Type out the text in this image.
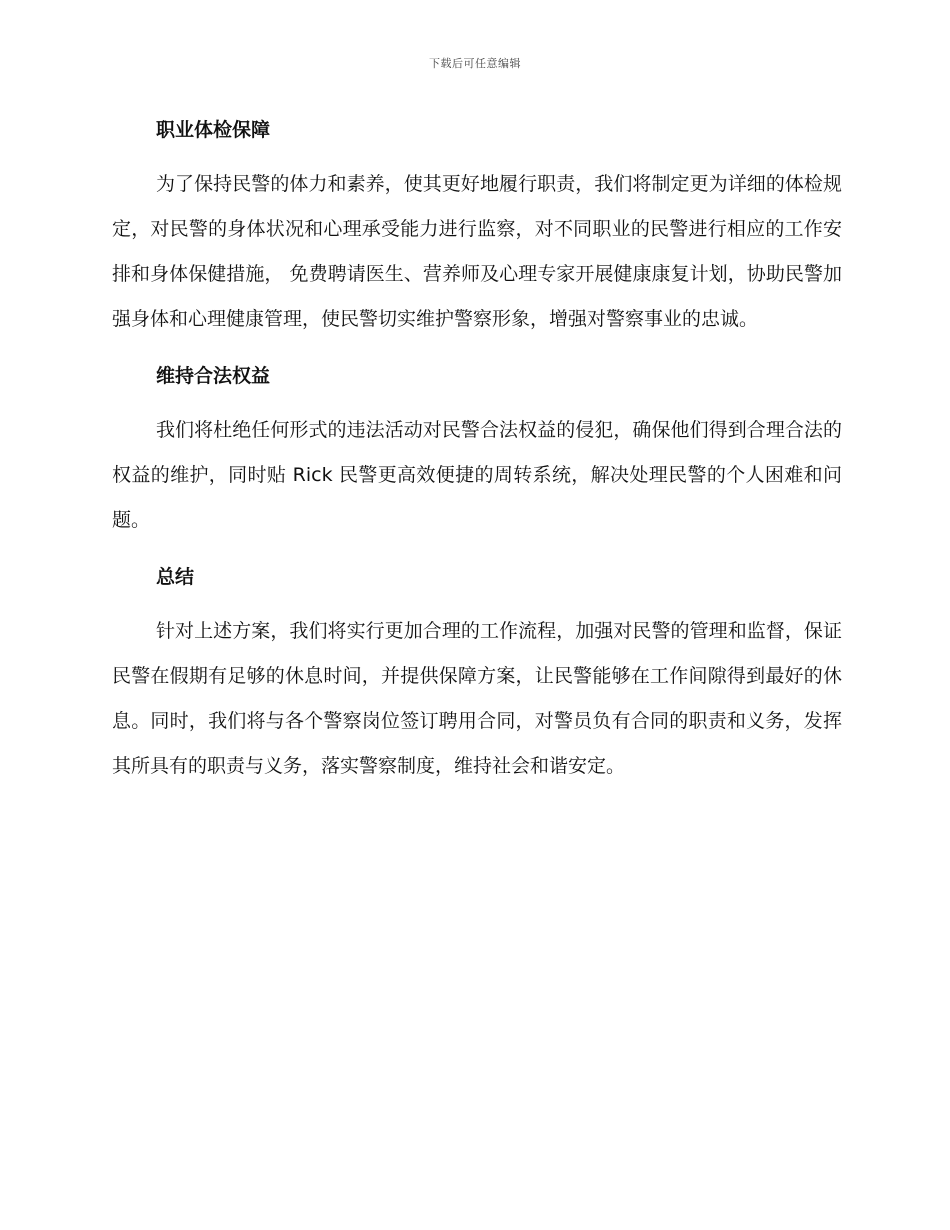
下载后可任意编辑
职业体检保障

为了保持民警的体力和素养，使其更好地履行职责，我们将制定更为详细的体检规定，对民警的身体状况和心理承受能力进行监察，对不同职业的民警进行相应的工作安排和身体保健措施， 免费聘请医生、营养师及心理专家开展健康康复计划，协助民警加强身体和心理健康管理，使民警切实维护警察形象，增强对警察事业的忠诚。

维持合法权益

我们将杜绝任何形式的违法活动对民警合法权益的侵犯，确保他们得到合理合法的权益的维护，同时贴 Rick 民警更高效便捷的周转系统，解决处理民警的个人困难和问题。

总结

针对上述方案，我们将实行更加合理的工作流程，加强对民警的管理和监督，保证民警在假期有足够的休息时间，并提供保障方案，让民警能够在工作间隙得到最好的休息。同时，我们将与各个警察岗位签订聘用合同，对警员负有合同的职责和义务，发挥其所具有的职责与义务，落实警察制度，维持社会和谐安定。
